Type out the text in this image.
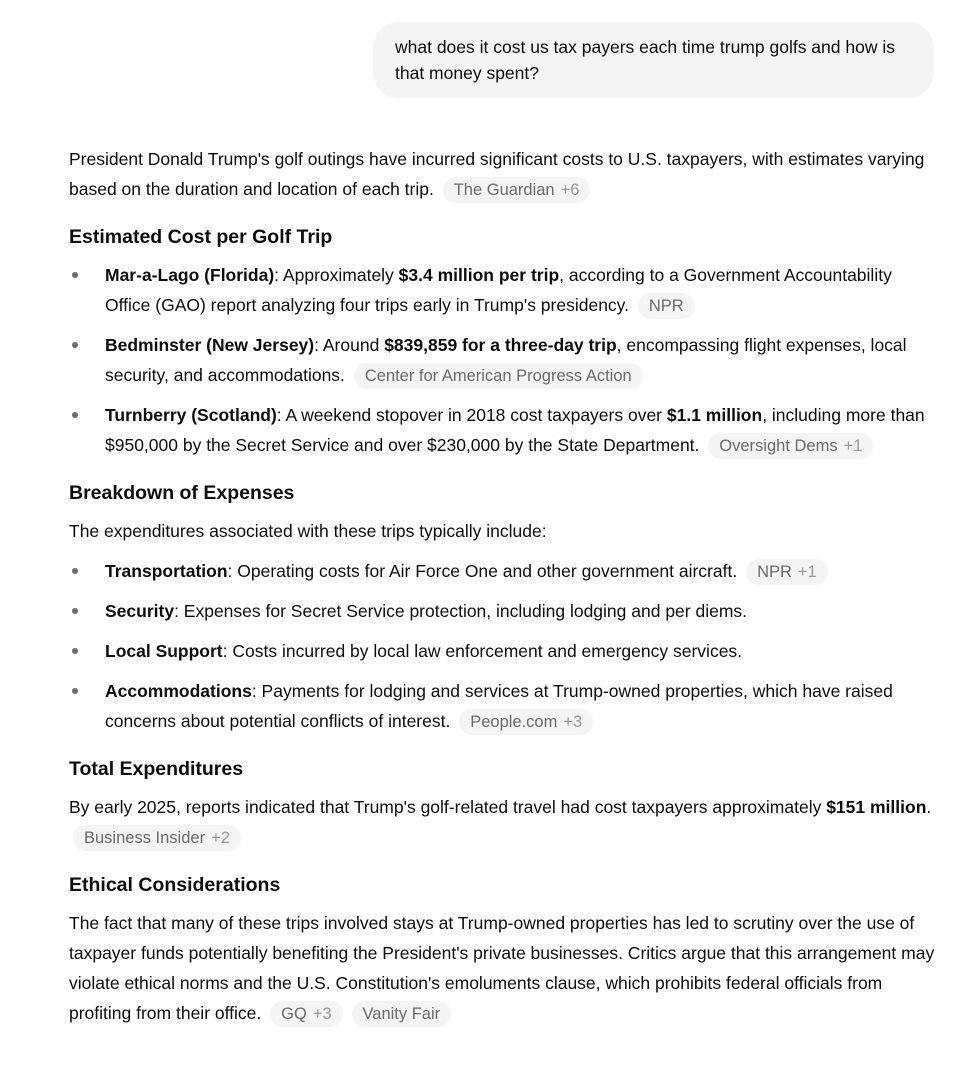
what does it cost us tax payers each time trump golfs and how is that money spent?

President Donald Trump's golf outings have incurred significant costs to U.S. taxpayers, with estimates varying based on the duration and location of each trip. The Guardian +6

Estimated Cost per Golf Trip
Mar-a-Lago (Florida): Approximately $3.4 million per trip, according to a Government Accountability Office (GAO) report analyzing four trips early in Trump's presidency. NPR
Bedminster (New Jersey): Around $839,859 for a three-day trip, encompassing flight expenses, local security, and accommodations. Center for American Progress Action
Turnberry (Scotland): A weekend stopover in 2018 cost taxpayers over $1.1 million, including more than $950,000 by the Secret Service and over $230,000 by the State Department. Oversight Dems +1
Breakdown of Expenses

The expenditures associated with these trips typically include:

Transportation: Operating costs for Air Force One and other government aircraft. NPR +1
Security: Expenses for Secret Service protection, including lodging and per diems.
Local Support: Costs incurred by local law enforcement and emergency services.
Accommodations: Payments for lodging and services at Trump-owned properties, which have raised concerns about potential conflicts of interest. People.com +3
Total Expenditures

By early 2025, reports indicated that Trump's golf-related travel had cost taxpayers approximately $151 million. Business Insider +2

Ethical Considerations

The fact that many of these trips involved stays at Trump-owned properties has led to scrutiny over the use of taxpayer funds potentially benefiting the President's private businesses. Critics argue that this arrangement may violate ethical norms and the U.S. Constitution's emoluments clause, which prohibits federal officials from profiting from their office. GQ +3 Vanity Fair
